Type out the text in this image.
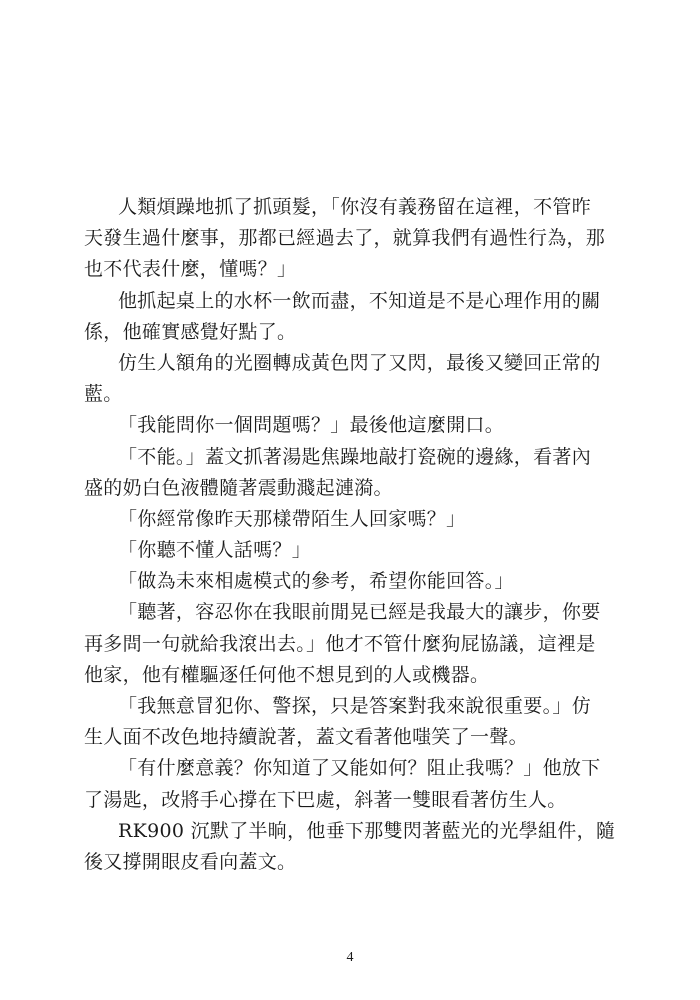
人類煩躁地抓了抓頭髮，「你沒有義務留在這裡，不管昨
天發生過什麼事，那都已經過去了，就算我們有過性行為，那
也不代表什麼，懂嗎？」
他抓起桌上的水杯一飲而盡，不知道是不是心理作用的關
係，他確實感覺好點了。
仿生人額角的光圈轉成黃色閃了又閃，最後又變回正常的
藍。
「我能問你一個問題嗎？」最後他這麼開口。
「不能。」蓋文抓著湯匙焦躁地敲打瓷碗的邊緣，看著內
盛的奶白色液體隨著震動濺起漣漪。
「你經常像昨天那樣帶陌生人回家嗎？」
「你聽不懂人話嗎？」
「做為未來相處模式的參考，希望你能回答。」
「聽著，容忍你在我眼前閒晃已經是我最大的讓步，你要
再多問一句就給我滾出去。」他才不管什麼狗屁協議，這裡是
他家，他有權驅逐任何他不想見到的人或機器。
「我無意冒犯你、警探，只是答案對我來說很重要。」仿
生人面不改色地持續說著，蓋文看著他嗤笑了一聲。
「有什麼意義？你知道了又能如何？阻止我嗎？」他放下
了湯匙，改將手心撐在下巴處，斜著一雙眼看著仿生人。
RK900 沉默了半晌，他垂下那雙閃著藍光的光學組件，隨
後又撐開眼皮看向蓋文。
4
